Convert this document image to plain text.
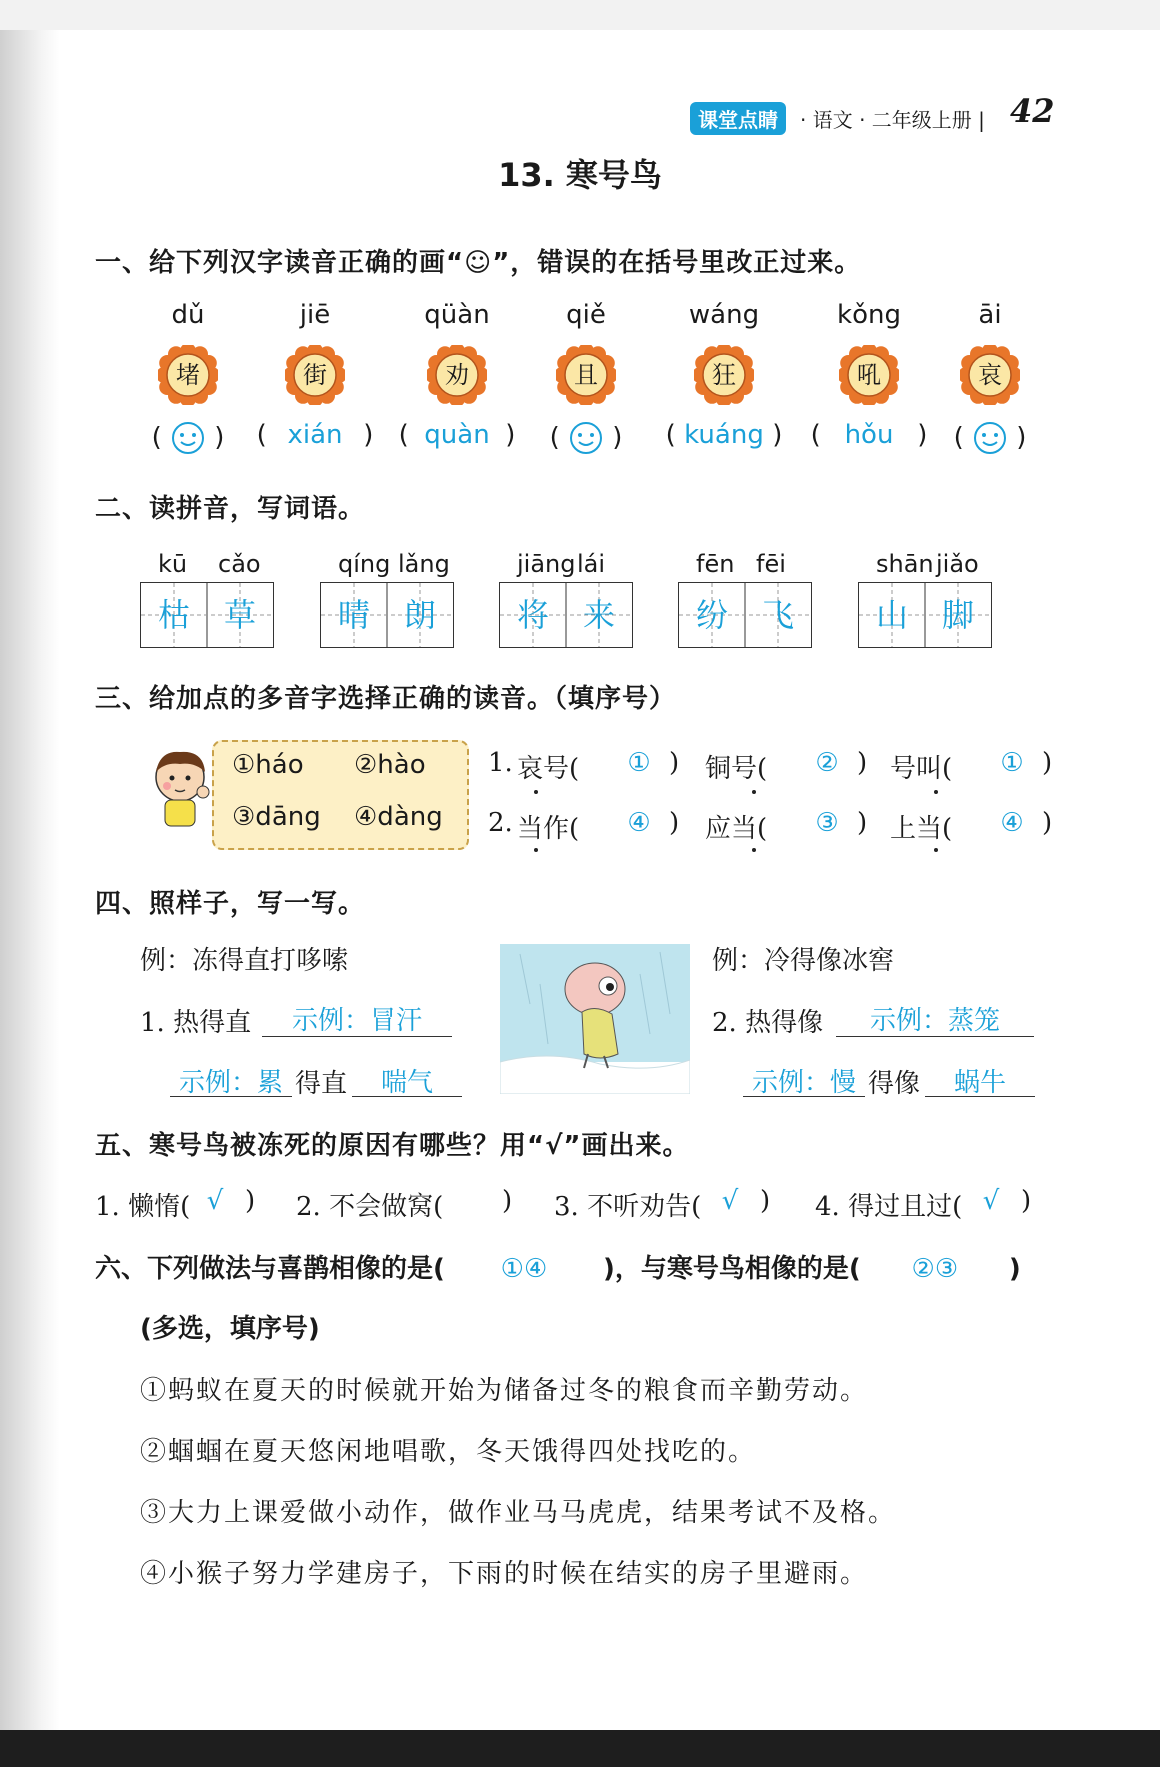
课堂点睛	· 语文 · 二年级上册 | 42
13. 寒号鸟
一、给下列汉字读音正确的画“☺”，错误的在括号里改正过来。
二、读拼音，写词语。
三、给加点的多音字选择正确的读音。（填序号）
①háo ②hào
③dāng ④dàng
四、照样子，写一写。
例：冻得直打哆嗦	例：冷得像冰窖
1. 热得直	示例：冒汗	2. 热得像	示例：蒸笼
示例：累 得直	喘气	示例：慢 得像	蜗牛
五、寒号鸟被冻死的原因有哪些？用“√”画出来。
六、下列做法与喜鹊相像的是( ①④ )，与寒号鸟相像的是( ②③ )
(多选，填序号)
dǔ
堵
(  )
jiē
街
( xián )
qüàn
劝
( quàn )
qiě
且
(  )
wáng
狂
( kuáng )
kǒng
吼
( hǒu )
āi
哀
(  )
kū cǎo
枯	草
qíng lǎng
晴	朗
jiāng lái
将	来
fēn fēi
纷	飞
shān jiǎo
山	脚
1. 哀号(	① ) 铜号(	② ) 号叫(	① )
2. 当作(	④ ) 应当(	③ ) 上当(	④ )
1. 懒惰( √ ) 2. 不会做窝( ) 3. 不听劝告( √ ) 4. 得过且过( √ )
①蚂蚁在夏天的时候就开始为储备过冬的粮食而辛勤劳动。
②蝈蝈在夏天悠闲地唱歌，冬天饿得四处找吃的。
③大力上课爱做小动作，做作业马马虎虎，结果考试不及格。
④小猴子努力学建房子，下雨的时候在结实的房子里避雨。
